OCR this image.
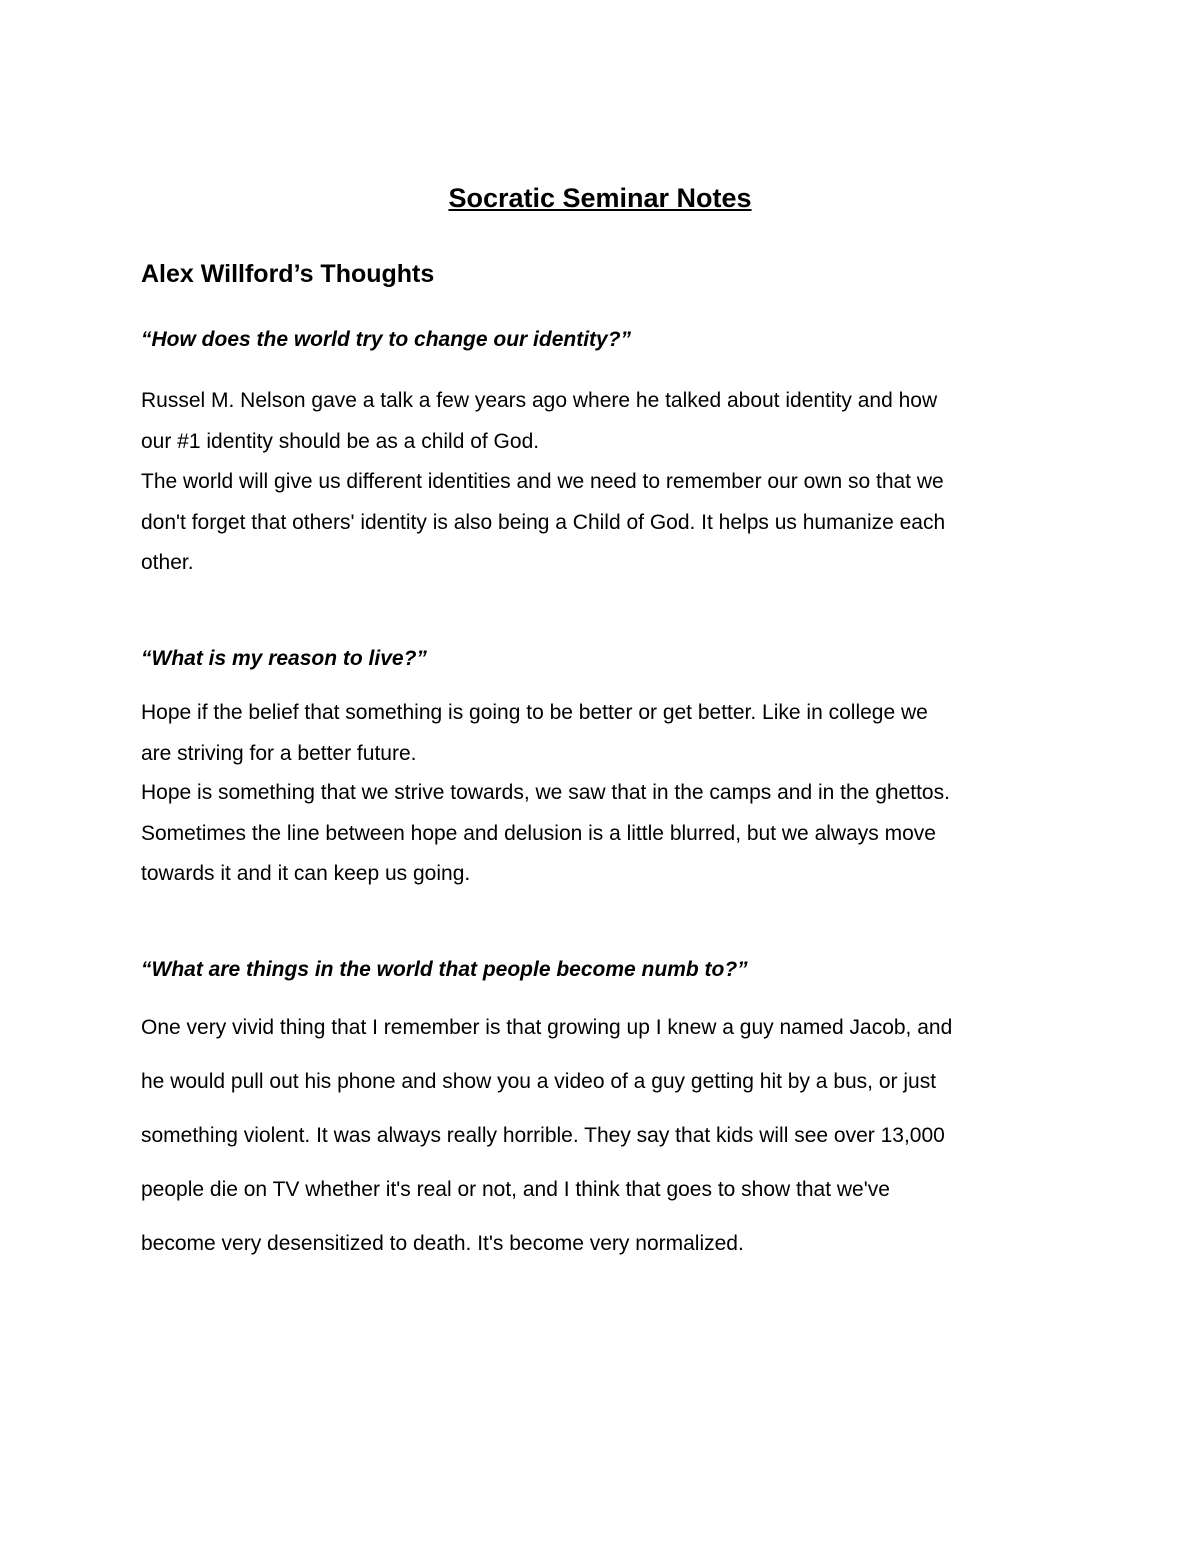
Socratic Seminar Notes
Alex Willford’s Thoughts

“How does the world try to change our identity?”

Russel M. Nelson gave a talk a few years ago where he talked about identity and how
our #1 identity should be as a child of God.

The world will give us different identities and we need to remember our own so that we
don't forget that others' identity is also being a Child of God. It helps us humanize each
other.

“What is my reason to live?”

Hope if the belief that something is going to be better or get better. Like in college we
are striving for a better future.

Hope is something that we strive towards, we saw that in the camps and in the ghettos.
Sometimes the line between hope and delusion is a little blurred, but we always move
towards it and it can keep us going.

“What are things in the world that people become numb to?”

One very vivid thing that I remember is that growing up I knew a guy named Jacob, and
he would pull out his phone and show you a video of a guy getting hit by a bus, or just
something violent. It was always really horrible. They say that kids will see over 13,000
people die on TV whether it's real or not, and I think that goes to show that we've
become very desensitized to death. It's become very normalized.
